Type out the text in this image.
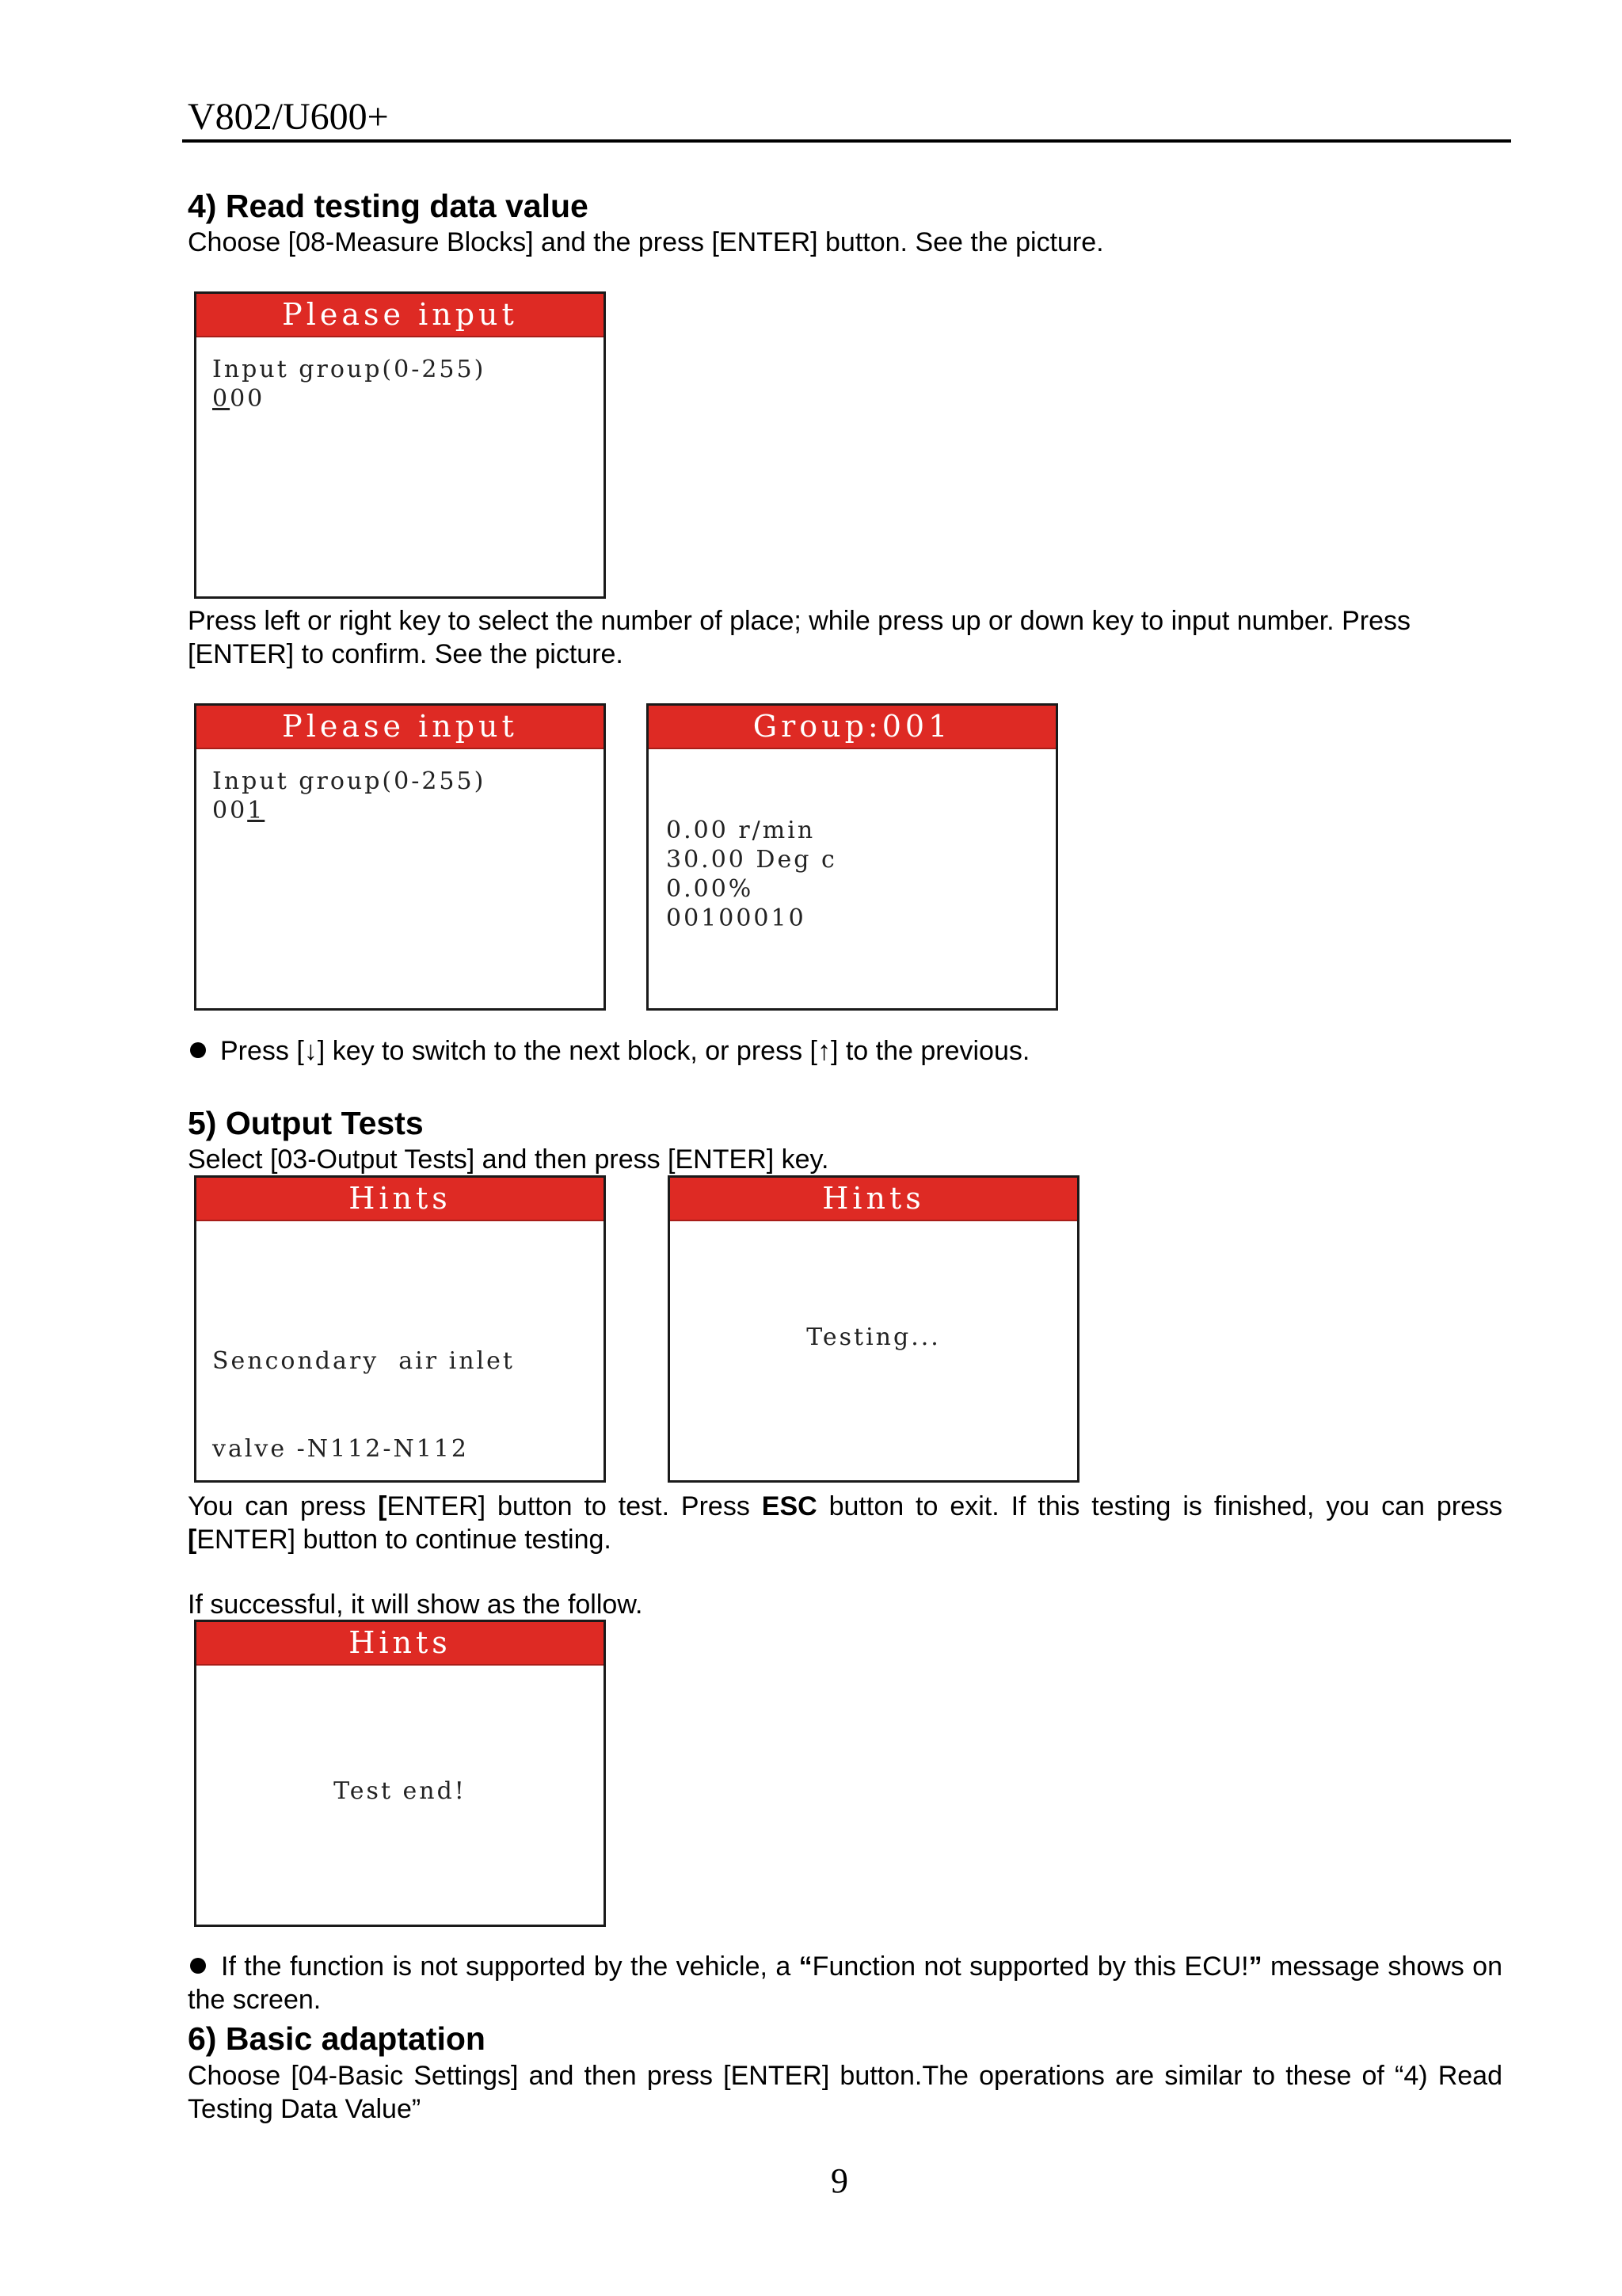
V802/U600+
4) Read testing data value

Choose [08-Measure Blocks] and the press [ENTER] button. See the picture.

Please input
Input group(0-255)
000

Press left or right key to select the number of place; while press up or down key to input number. Press [ENTER] to confirm. See the picture.

Please input
Input group(0-255)
001
Group:001
0.00 r/min
30.00 Deg c
0.00%
00100010

Press [↓] key to switch to the next block, or press [↑] to the previous.

5) Output Tests

Select [03-Output Tests] and then press [ENTER] key.

Hints

Sencondary  air inlet

valve -N112-N112

Hints
Testing...

You can press [ENTER] button to test. Press ESC button to exit. If this testing is finished, you can press [ENTER] button to continue testing.

If successful, it will show as the follow.

Hints
Test end!

If the function is not supported by the vehicle, a “Function not supported by this ECU!” message shows on the screen.

6) Basic adaptation

Choose [04-Basic Settings] and then press [ENTER] button.The operations are similar to these of “4) Read Testing Data Value”

9
